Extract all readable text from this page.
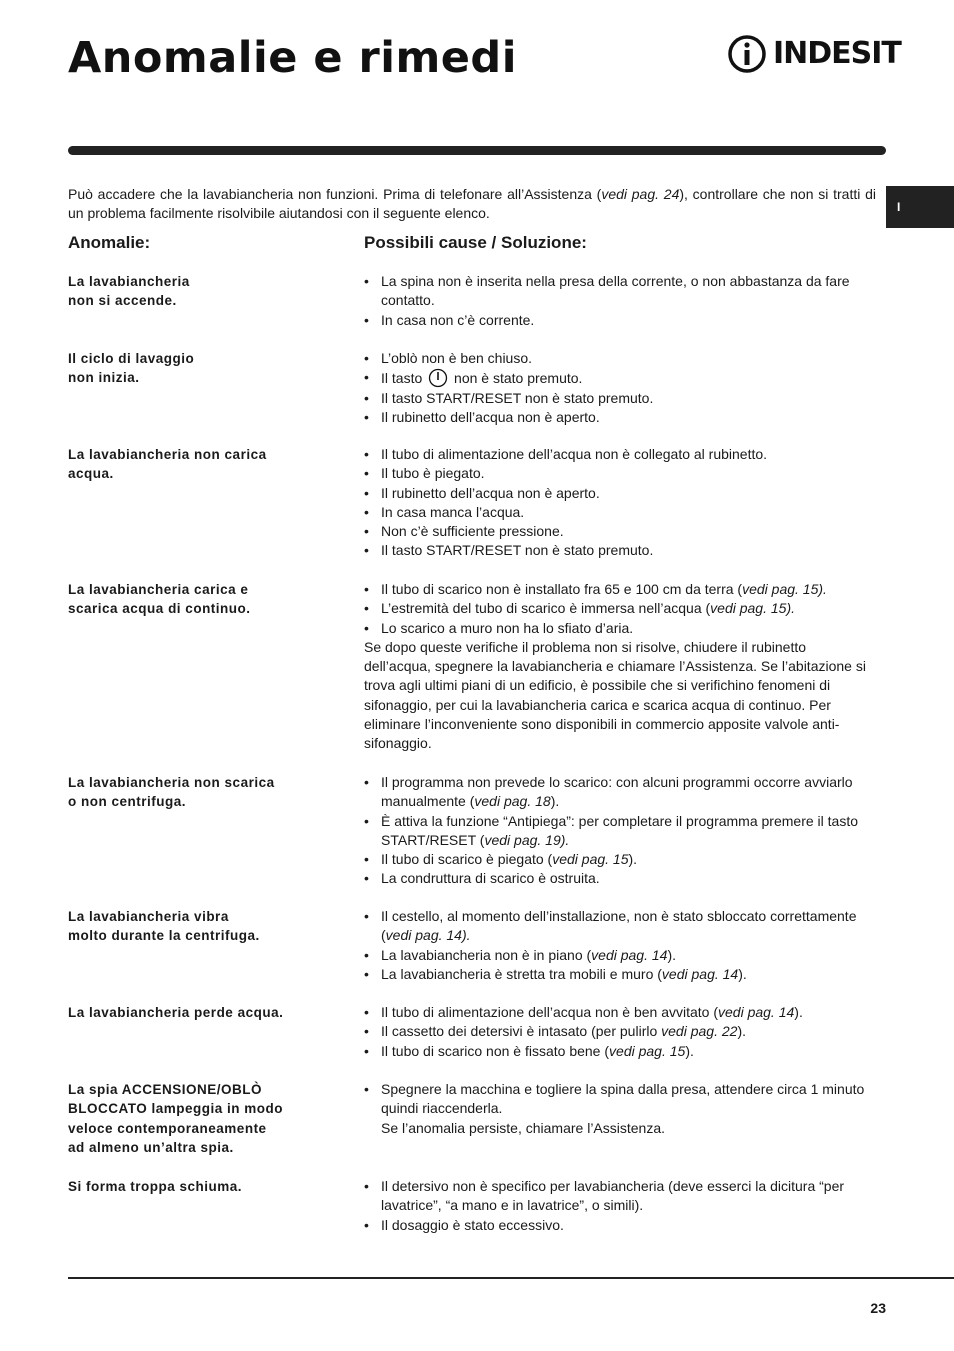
Anomalie e rimedi	INDESIT
I

Può accadere che la lavabiancheria non funzioni. Prima di telefonare all’Assistenza (vedi pag. 24), controllare che non si tratti di un problema facilmente risolvibile aiutandosi con il seguente elenco.

Anomalie:	Possibili cause / Soluzione:

La lavabiancheria
non si accende.

• La spina non è inserita nella presa della corrente, o non abbastanza da fare contatto.
• In casa non c’è corrente.

Il ciclo di lavaggio
non inizia.

• L’oblò non è ben chiuso.
• Il tasto  non è stato premuto.
• Il tasto START/RESET non è stato premuto.
• Il rubinetto dell’acqua non è aperto.

La lavabiancheria non carica
acqua.

• Il tubo di alimentazione dell’acqua non è collegato al rubinetto.
• Il tubo è piegato.
• Il rubinetto dell’acqua non è aperto.
• In casa manca l’acqua.
• Non c’è sufficiente pressione.
• Il tasto START/RESET non è stato premuto.

La lavabiancheria carica e
scarica acqua di continuo.

• Il tubo di scarico non è installato fra 65 e 100 cm da terra (vedi pag. 15).
• L’estremità del tubo di scarico è immersa nell’acqua (vedi pag. 15).
• Lo scarico a muro non ha lo sfiato d’aria.
Se dopo queste verifiche il problema non si risolve, chiudere il rubinetto dell’acqua, spegnere la lavabiancheria e chiamare l’Assistenza. Se l’abitazione si trova agli ultimi piani di un edificio, è possibile che si verifichino fenomeni di sifonaggio, per cui la lavabiancheria carica e scarica acqua di continuo. Per eliminare l’inconveniente sono disponibili in commercio apposite valvole anti-sifonaggio.

La lavabiancheria non scarica
o non centrifuga.

• Il programma non prevede lo scarico: con alcuni programmi occorre avviarlo manualmente (vedi pag. 18).
• È attiva la funzione “Antipiega”: per completare il programma premere il tasto START/RESET (vedi pag. 19).
• Il tubo di scarico è piegato (vedi pag. 15).
• La condruttura di scarico è ostruita.

La lavabiancheria vibra
molto durante la centrifuga.

• Il cestello, al momento dell’installazione, non è stato sbloccato correttamente (vedi pag. 14).
• La lavabiancheria non è in piano (vedi pag. 14).
• La lavabiancheria è stretta tra mobili e muro (vedi pag. 14).

La lavabiancheria perde acqua.	• Il tubo di alimentazione dell’acqua non è ben avvitato (vedi pag. 14).
• Il cassetto dei detersivi è intasato (per pulirlo vedi pag. 22).
• Il tubo di scarico non è fissato bene (vedi pag. 15).

La spia ACCENSIONE/OBLÒ
BLOCCATO lampeggia in modo
veloce contemporaneamente
ad almeno un’altra spia.

• Spegnere la macchina e togliere la spina dalla presa, attendere circa 1 minuto quindi riaccenderla.
Se l’anomalia persiste, chiamare l’Assistenza.

Si forma troppa schiuma.	• Il detersivo non è specifico per lavabiancheria (deve esserci la dicitura “per lavatrice”, “a mano e in lavatrice”, o simili).
• Il dosaggio è stato eccessivo.
23
